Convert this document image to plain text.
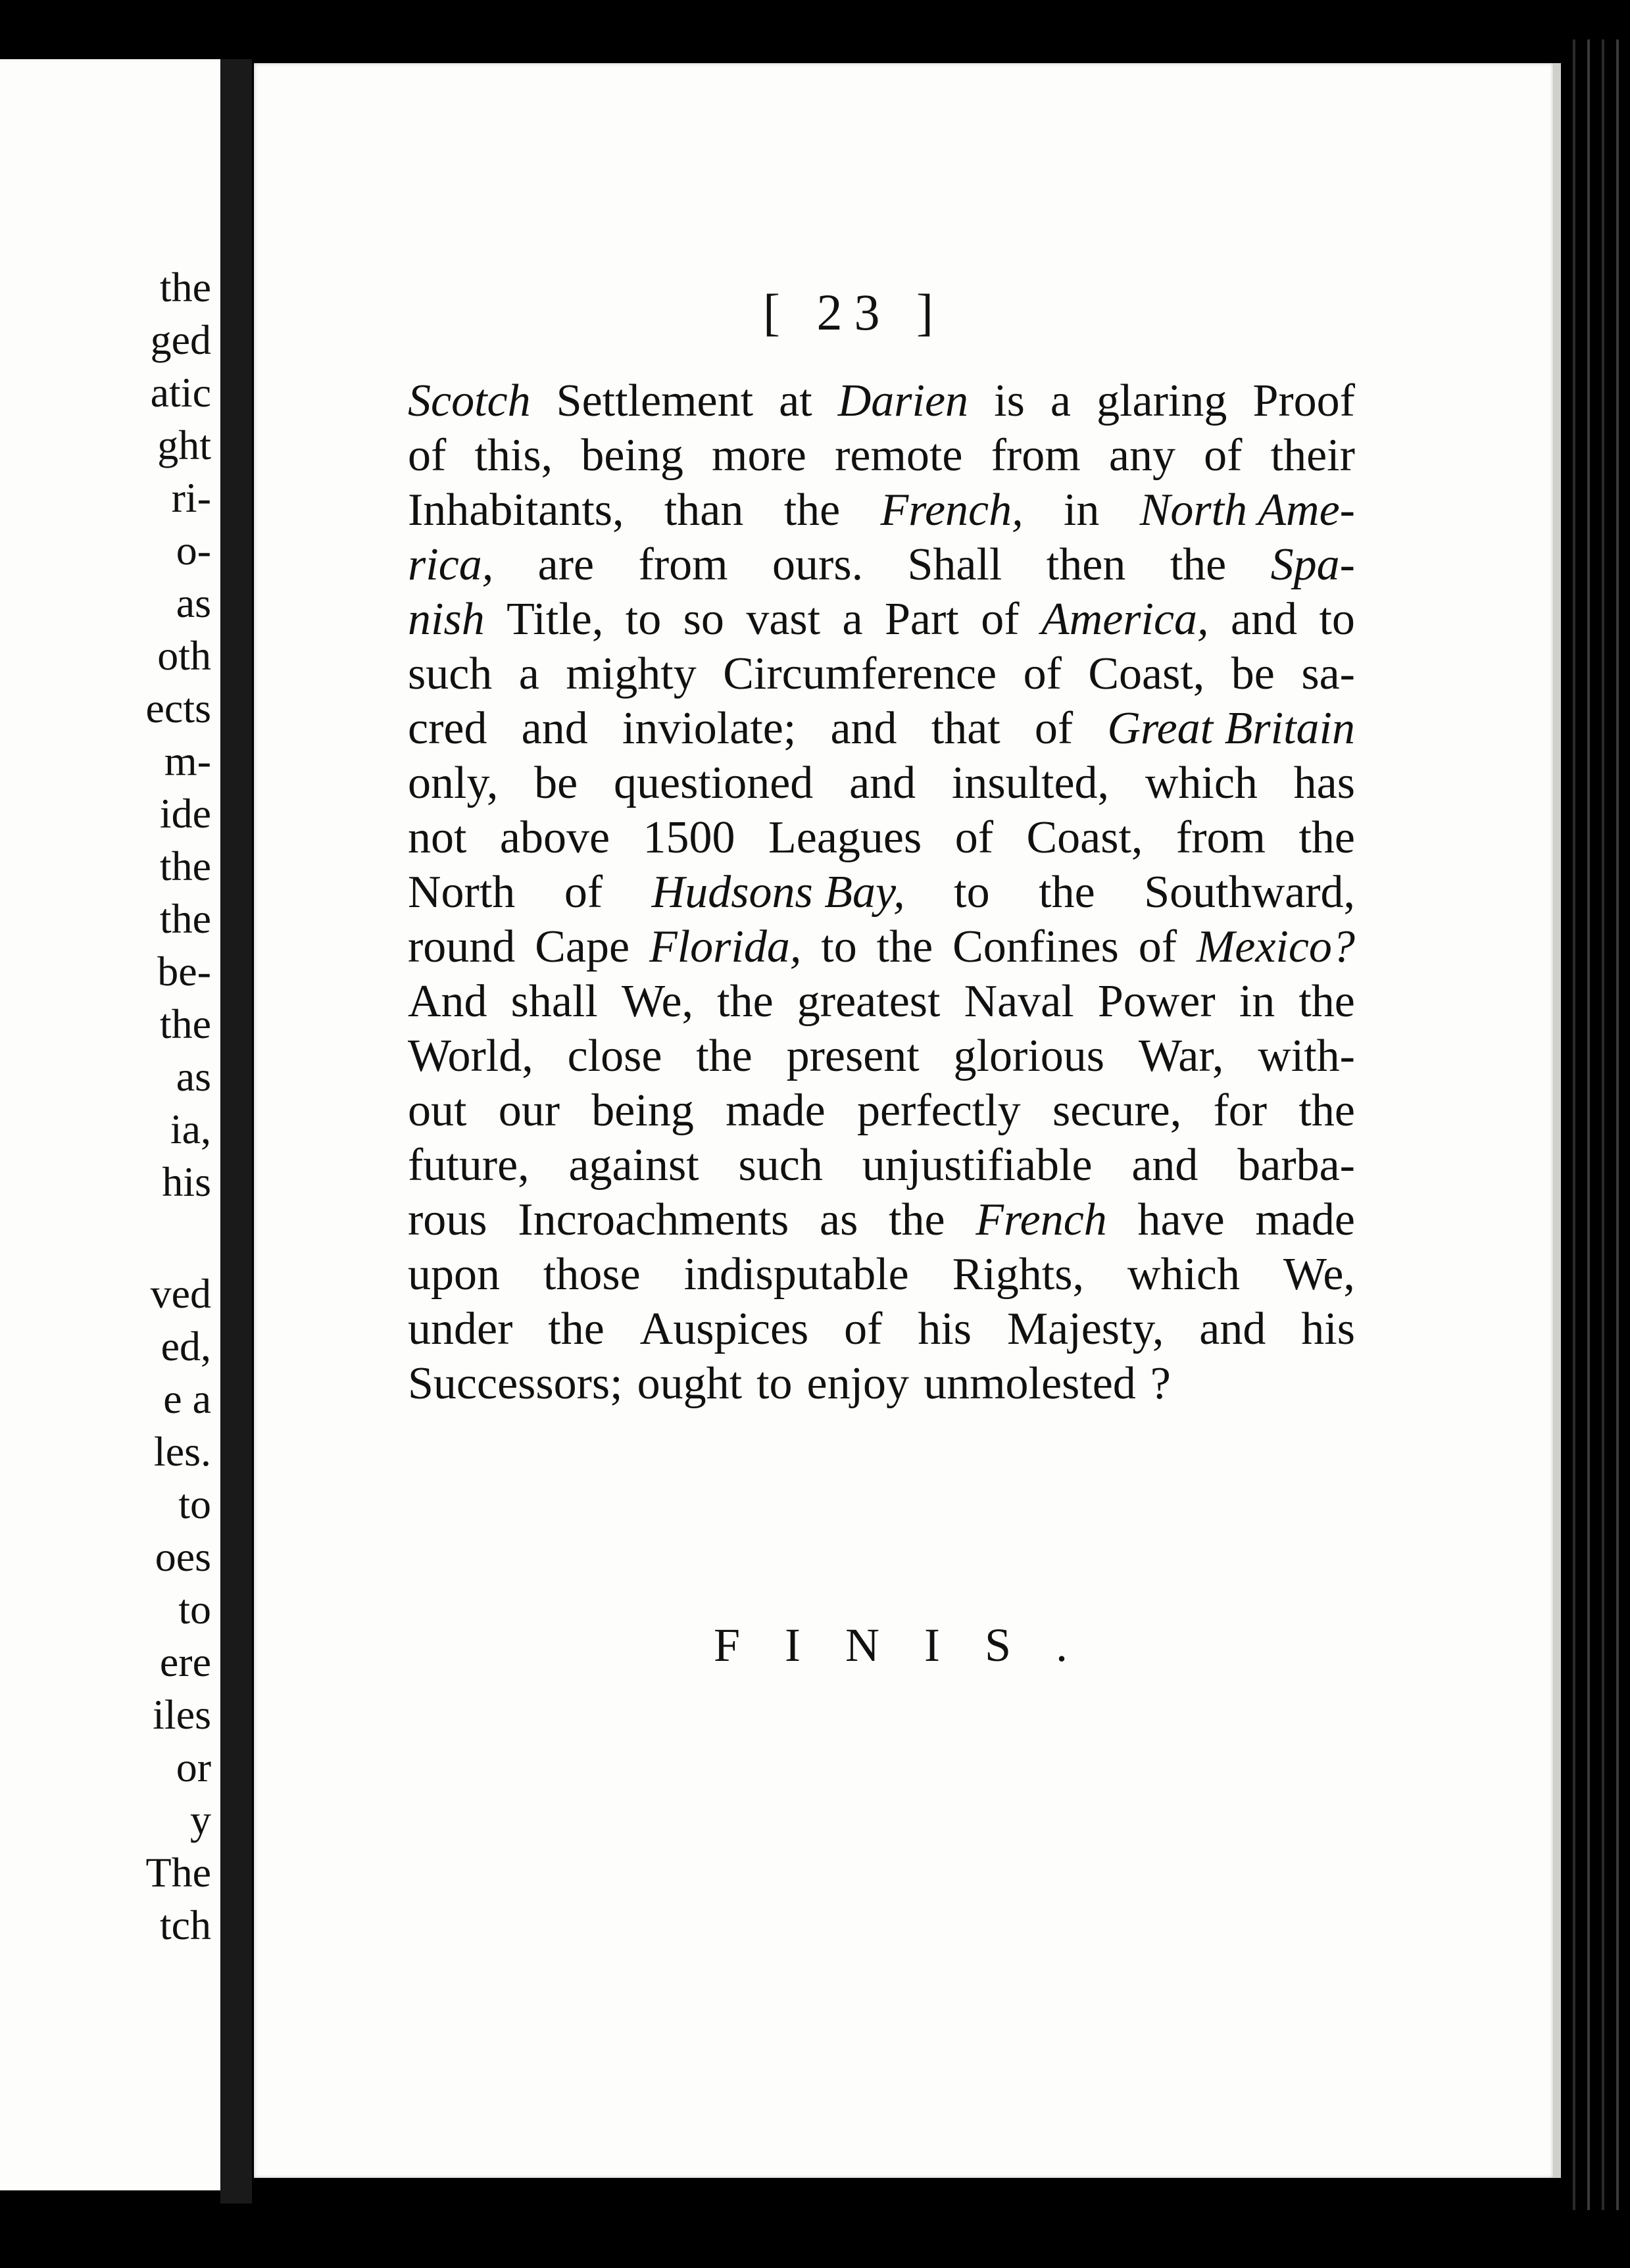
the
ged
atic
ght
ri-
o-
as
oth
ects
m-
ide
the
the
be-
the
as
ia,
his
ved
ed,
e a
les.
to
oes
to
ere
iles
or
y
The
tch
[ 23 ]
Scotch Settlement at Darien is a glaring Proof
of this, being more remote from any of their
Inhabitants, than the French, in North Ame-
rica, are from ours. Shall then the Spa-
nish Title, to so vast a Part of America, and to
such a mighty Circumference of Coast, be sa-
cred and inviolate; and that of Great Britain
only, be questioned and insulted, which has
not above 1500 Leagues of Coast, from the
North of Hudsons Bay, to the Southward,
round Cape Florida, to the Confines of Mexico?
And shall We, the greatest Naval Power in the
World, close the present glorious War, with-
out our being made perfectly secure, for the
future, against such unjustifiable and barba-
rous Incroachments as the French have made
upon those indisputable Rights, which We,
under the Auspices of his Majesty, and his
Successors; ought to enjoy unmolested ?
FINIS.
